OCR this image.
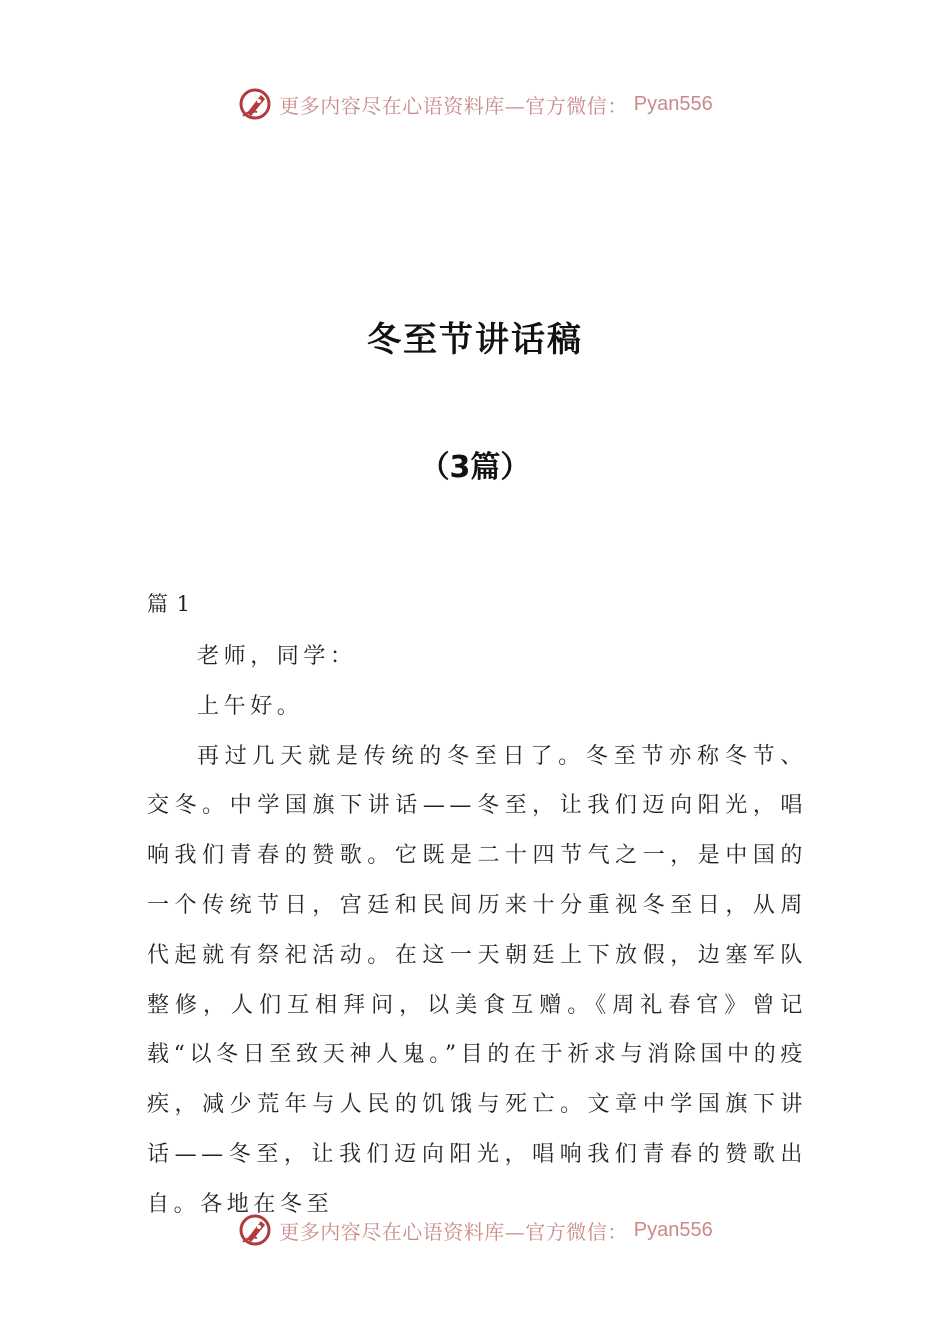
更多内容尽在心语资料库—官方微信： Pyan556
冬至节讲话稿
（3篇）
篇 1

老师，同学：

上午好。

再过几天就是传统的冬至日了。冬至节亦称冬节、交冬。中学国旗下讲话——冬至，让我们迈向阳光，唱响我们青春的赞歌。它既是二十四节气之一，是中国的一个传统节日，宫廷和民间历来十分重视冬至日，从周代起就有祭祀活动。在这一天朝廷上下放假，边塞军队整修，人们互相拜问，以美食互赠。《周礼春官》曾记载“以冬日至致天神人鬼。”目的在于祈求与消除国中的疫疾，减少荒年与人民的饥饿与死亡。文章中学国旗下讲话——冬至，让我们迈向阳光，唱响我们青春的赞歌出自。各地在冬至

更多内容尽在心语资料库—官方微信： Pyan556
